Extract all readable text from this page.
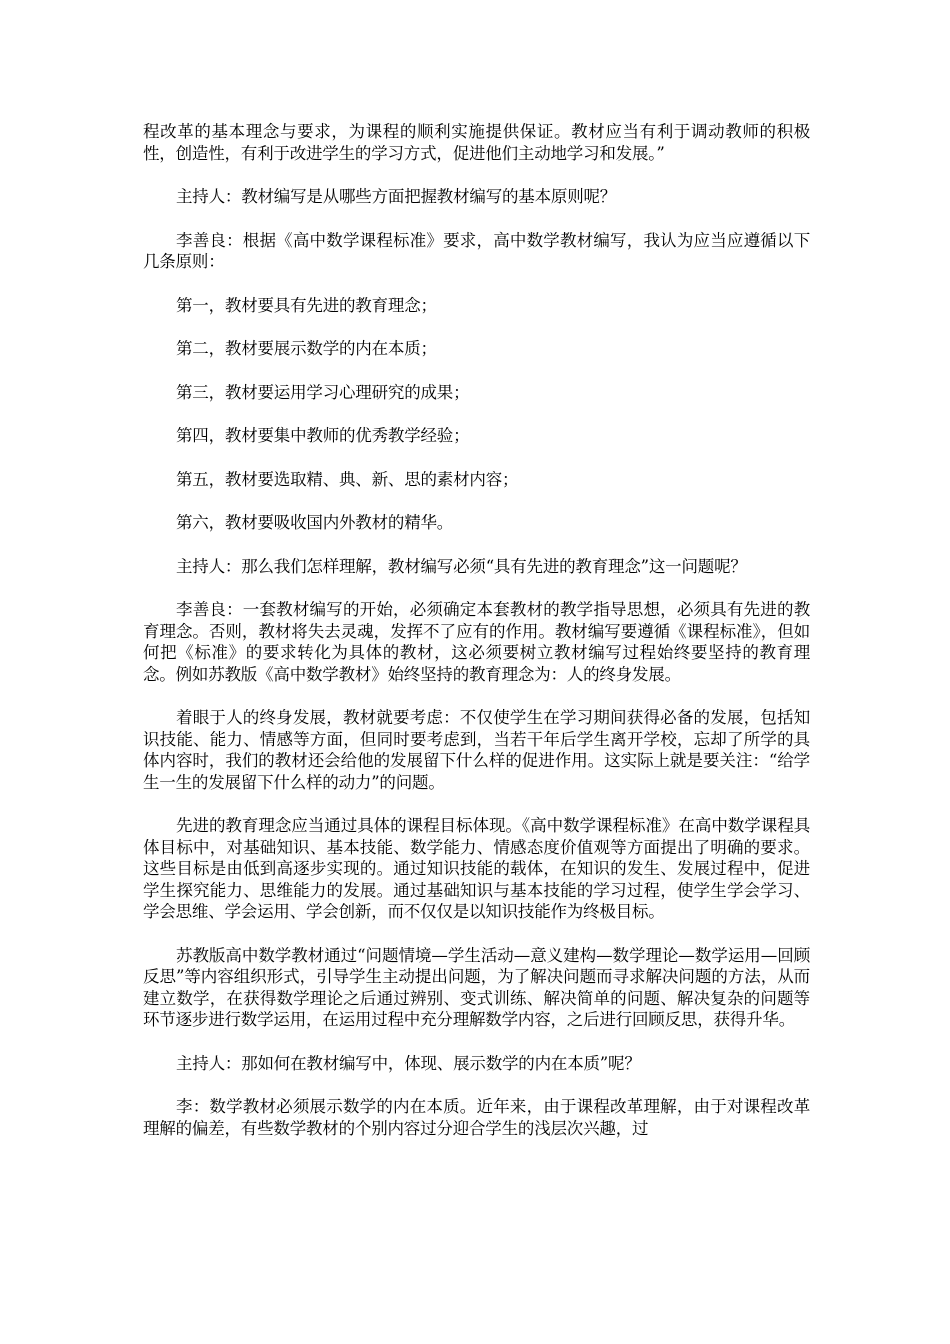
程改革的基本理念与要求，为课程的顺利实施提供保证。教材应当有利于调动教师的积极性，创造性，有利于改进学生的学习方式，促进他们主动地学习和发展。”

主持人：教材编写是从哪些方面把握教材编写的基本原则呢？

李善良：根据《高中数学课程标准》要求，高中数学教材编写，我认为应当应遵循以下几条原则：

第一，教材要具有先进的教育理念；

第二，教材要展示数学的内在本质；

第三，教材要运用学习心理研究的成果；

第四，教材要集中教师的优秀教学经验；

第五，教材要选取精、典、新、思的素材内容；

第六，教材要吸收国内外教材的精华。

主持人：那么我们怎样理解，教材编写必须“具有先进的教育理念”这一问题呢？

李善良：一套教材编写的开始，必须确定本套教材的教学指导思想，必须具有先进的教育理念。否则，教材将失去灵魂，发挥不了应有的作用。教材编写要遵循《课程标准》，但如何把《标准》的要求转化为具体的教材，这必须要树立教材编写过程始终要坚持的教育理念。例如苏教版《高中数学教材》始终坚持的教育理念为：人的终身发展。

着眼于人的终身发展，教材就要考虑：不仅使学生在学习期间获得必备的发展，包括知识技能、能力、情感等方面，但同时要考虑到，当若干年后学生离开学校，忘却了所学的具体内容时，我们的教材还会给他的发展留下什么样的促进作用。这实际上就是要关注：“给学生一生的发展留下什么样的动力”的问题。

先进的教育理念应当通过具体的课程目标体现。《高中数学课程标准》在高中数学课程具体目标中，对基础知识、基本技能、数学能力、情感态度价值观等方面提出了明确的要求。这些目标是由低到高逐步实现的。通过知识技能的载体，在知识的发生、发展过程中，促进学生探究能力、思维能力的发展。通过基础知识与基本技能的学习过程，使学生学会学习、学会思维、学会运用、学会创新，而不仅仅是以知识技能作为终极目标。

苏教版高中数学教材通过“问题情境—学生活动—意义建构—数学理论—数学运用—回顾反思”等内容组织形式，引导学生主动提出问题，为了解决问题而寻求解决问题的方法，从而建立数学，在获得数学理论之后通过辨别、变式训练、解决简单的问题、解决复杂的问题等环节逐步进行数学运用，在运用过程中充分理解数学内容，之后进行回顾反思，获得升华。

主持人：那如何在教材编写中，体现、展示数学的内在本质”呢？

李：数学教材必须展示数学的内在本质。近年来，由于课程改革理解，由于对课程改革理解的偏差，有些数学教材的个别内容过分迎合学生的浅层次兴趣，过
